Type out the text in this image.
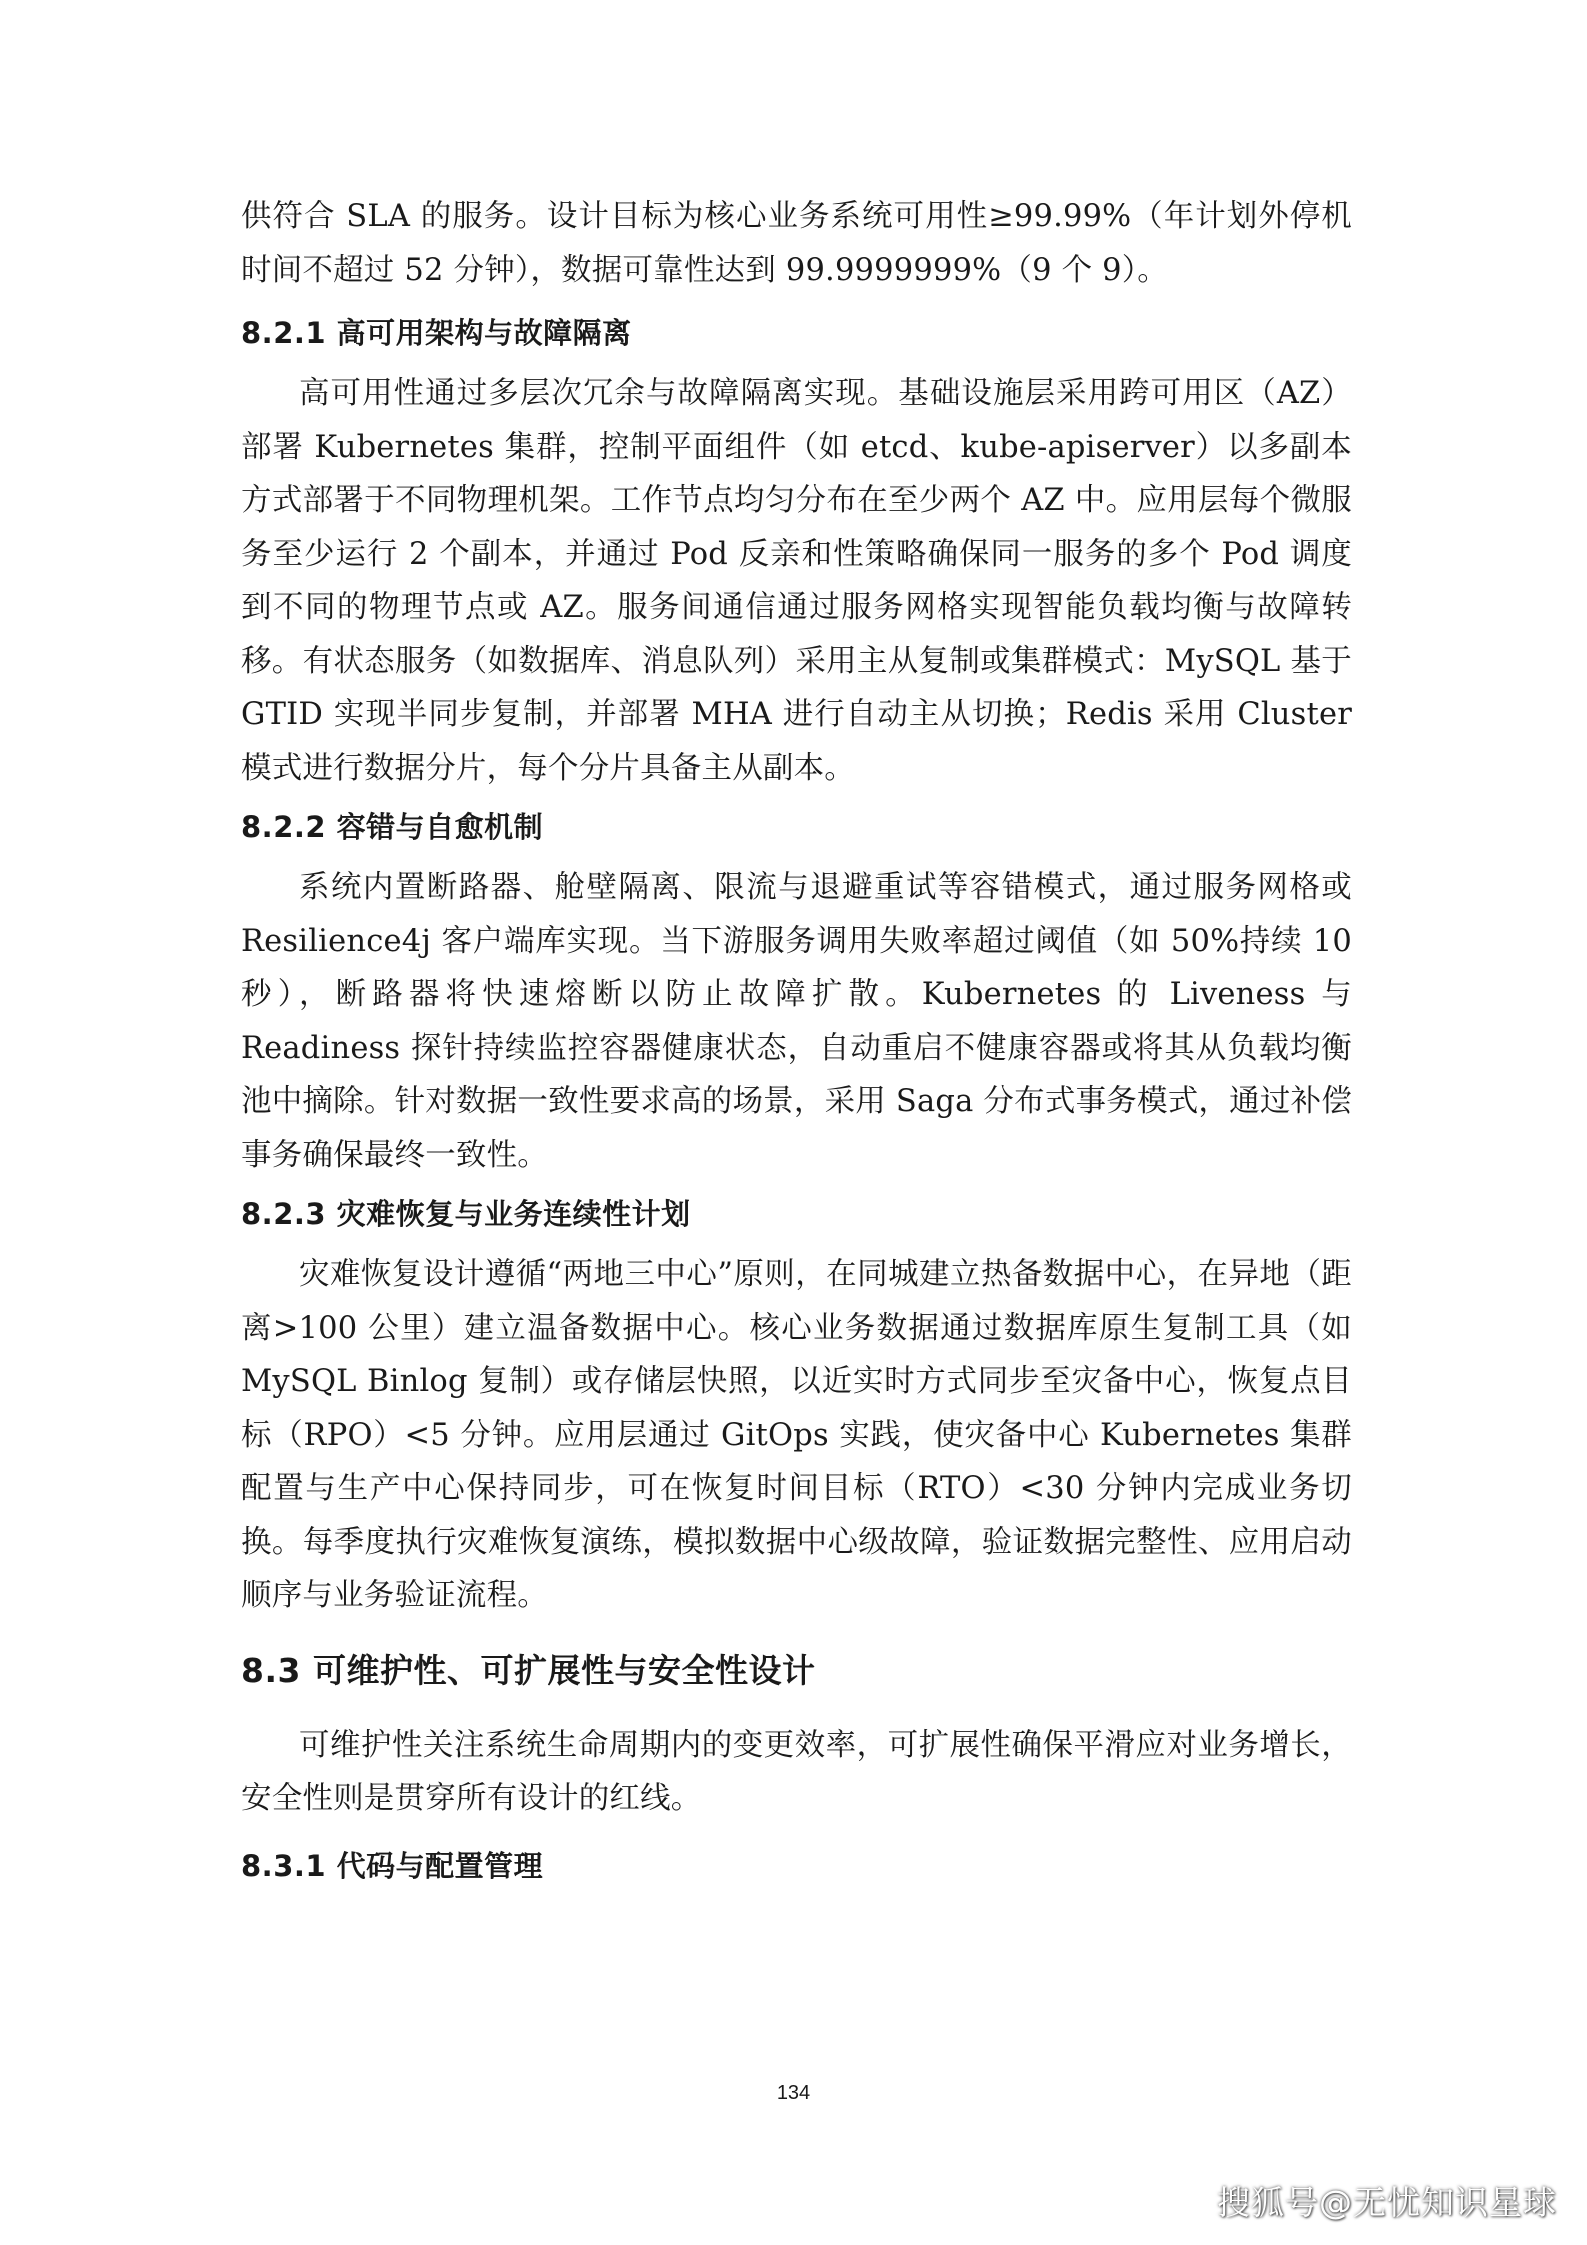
供符合 SLA 的服务。设计目标为核心业务系统可用性≥99.99%（年计划外停机时间不超过 52 分钟），数据可靠性达到 99.9999999%（9 个 9）。

8.2.1 高可用架构与故障隔离

高可用性通过多层次冗余与故障隔离实现。基础设施层采用跨可用区（AZ）部署 Kubernetes 集群，控制平面组件（如 etcd、kube-apiserver）以多副本方式部署于不同物理机架。工作节点均匀分布在至少两个 AZ 中。应用层每个微服务至少运行 2 个副本，并通过 Pod 反亲和性策略确保同一服务的多个 Pod 调度到不同的物理节点或 AZ。服务间通信通过服务网格实现智能负载均衡与故障转移。有状态服务（如数据库、消息队列）采用主从复制或集群模式：MySQL 基于 GTID 实现半同步复制，并部署 MHA 进行自动主从切换；Redis 采用 Cluster 模式进行数据分片，每个分片具备主从副本。

8.2.2 容错与自愈机制

系统内置断路器、舱壁隔离、限流与退避重试等容错模式，通过服务网格或 Resilience4j 客户端库实现。当下游服务调用失败率超过阈值（如 50%持续 10 秒），断路器将快速熔断以防止故障扩散。Kubernetes 的 Liveness 与 Readiness 探针持续监控容器健康状态，自动重启不健康容器或将其从负载均衡池中摘除。针对数据一致性要求高的场景，采用 Saga 分布式事务模式，通过补偿事务确保最终一致性。

8.2.3 灾难恢复与业务连续性计划

灾难恢复设计遵循“两地三中心”原则，在同城建立热备数据中心，在异地（距离>100 公里）建立温备数据中心。核心业务数据通过数据库原生复制工具（如 MySQL Binlog 复制）或存储层快照，以近实时方式同步至灾备中心，恢复点目标（RPO）<5 分钟。应用层通过 GitOps 实践，使灾备中心 Kubernetes 集群配置与生产中心保持同步，可在恢复时间目标（RTO）<30 分钟内完成业务切换。每季度执行灾难恢复演练，模拟数据中心级故障，验证数据完整性、应用启动顺序与业务验证流程。

8.3 可维护性、可扩展性与安全性设计

可维护性关注系统生命周期内的变更效率，可扩展性确保平滑应对业务增长，安全性则是贯穿所有设计的红线。

8.3.1 代码与配置管理
134
搜狐号@无忧知识星球
